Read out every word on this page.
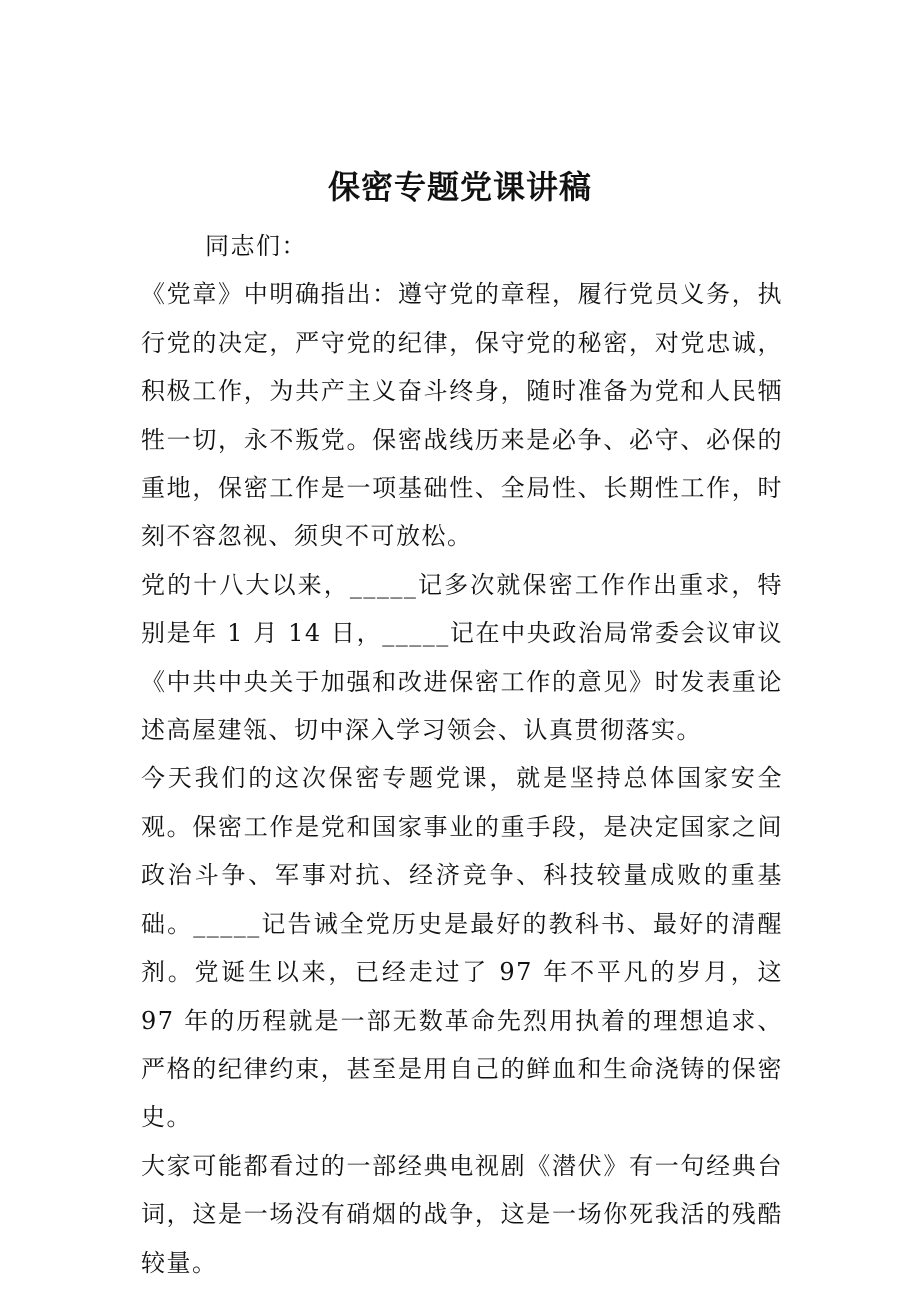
保密专题党课讲稿

同志们：

《党章》中明确指出：遵守党的章程，履行党员义务，执行党的决定，严守党的纪律，保守党的秘密，对党忠诚，积极工作，为共产主义奋斗终身，随时准备为党和人民牺牲一切，永不叛党。保密战线历来是必争、必守、必保的重地，保密工作是一项基础性、全局性、长期性工作，时刻不容忽视、须臾不可放松。

党的十八大以来，_____记多次就保密工作作出重求，特别是年 1 月 14 日，_____记在中央政治局常委会议审议《中共中央关于加强和改进保密工作的意见》时发表重论述高屋建瓴、切中深入学习领会、认真贯彻落实。

今天我们的这次保密专题党课，就是坚持总体国家安全观。保密工作是党和国家事业的重手段，是决定国家之间政治斗争、军事对抗、经济竞争、科技较量成败的重基础。_____记告诫全党历史是最好的教科书、最好的清醒剂。党诞生以来，已经走过了 97 年不平凡的岁月，这 97 年的历程就是一部无数革命先烈用执着的理想追求、严格的纪律约束，甚至是用自己的鲜血和生命浇铸的保密史。

大家可能都看过的一部经典电视剧《潜伏》有一句经典台词，这是一场没有硝烟的战争，这是一场你死我活的残酷较量。
